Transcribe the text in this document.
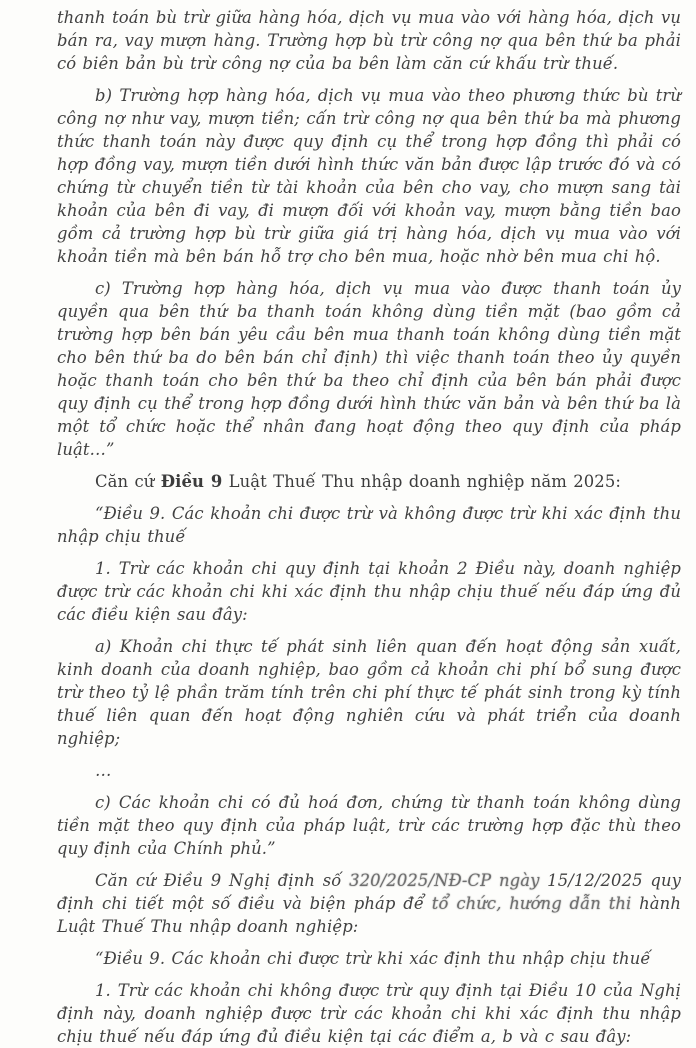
thanh toán bù trừ giữa hàng hóa, dịch vụ mua vào với hàng hóa, dịch vụ bán ra, vay mượn hàng. Trường hợp bù trừ công nợ qua bên thứ ba phải có biên bản bù trừ công nợ của ba bên làm căn cứ khấu trừ thuế.

b) Trường hợp hàng hóa, dịch vụ mua vào theo phương thức bù trừ công nợ như vay, mượn tiền; cấn trừ công nợ qua bên thứ ba mà phương thức thanh toán này được quy định cụ thể trong hợp đồng thì phải có hợp đồng vay, mượn tiền dưới hình thức văn bản được lập trước đó và có chứng từ chuyển tiền từ tài khoản của bên cho vay, cho mượn sang tài khoản của bên đi vay, đi mượn đối với khoản vay, mượn bằng tiền bao gồm cả trường hợp bù trừ giữa giá trị hàng hóa, dịch vụ mua vào với khoản tiền mà bên bán hỗ trợ cho bên mua, hoặc nhờ bên mua chi hộ.

c) Trường hợp hàng hóa, dịch vụ mua vào được thanh toán ủy quyền qua bên thứ ba thanh toán không dùng tiền mặt (bao gồm cả trường hợp bên bán yêu cầu bên mua thanh toán không dùng tiền mặt cho bên thứ ba do bên bán chỉ định) thì việc thanh toán theo ủy quyền hoặc thanh toán cho bên thứ ba theo chỉ định của bên bán phải được quy định cụ thể trong hợp đồng dưới hình thức văn bản và bên thứ ba là một tổ chức hoặc thể nhân đang hoạt động theo quy định của pháp luật…”

Căn cứ Điều 9 Luật Thuế Thu nhập doanh nghiệp năm 2025:

“Điều 9. Các khoản chi được trừ và không được trừ khi xác định thu nhập chịu thuế

1. Trừ các khoản chi quy định tại khoản 2 Điều này, doanh nghiệp được trừ các khoản chi khi xác định thu nhập chịu thuế nếu đáp ứng đủ các điều kiện sau đây:

a) Khoản chi thực tế phát sinh liên quan đến hoạt động sản xuất, kinh doanh của doanh nghiệp, bao gồm cả khoản chi phí bổ sung được trừ theo tỷ lệ phần trăm tính trên chi phí thực tế phát sinh trong kỳ tính thuế liên quan đến hoạt động nghiên cứu và phát triển của doanh nghiệp;

…

c) Các khoản chi có đủ hoá đơn, chứng từ thanh toán không dùng tiền mặt theo quy định của pháp luật, trừ các trường hợp đặc thù theo quy định của Chính phủ.”

Căn cứ Điều 9 Nghị định số 320/2025/NĐ-CP ngày 15/12/2025 quy định chi tiết một số điều và biện pháp để tổ chức, hướng dẫn thi hành Luật Thuế Thu nhập doanh nghiệp:

“Điều 9. Các khoản chi được trừ khi xác định thu nhập chịu thuế

1. Trừ các khoản chi không được trừ quy định tại Điều 10 của Nghị định này, doanh nghiệp được trừ các khoản chi khi xác định thu nhập chịu thuế nếu đáp ứng đủ điều kiện tại các điểm a, b và c sau đây:
